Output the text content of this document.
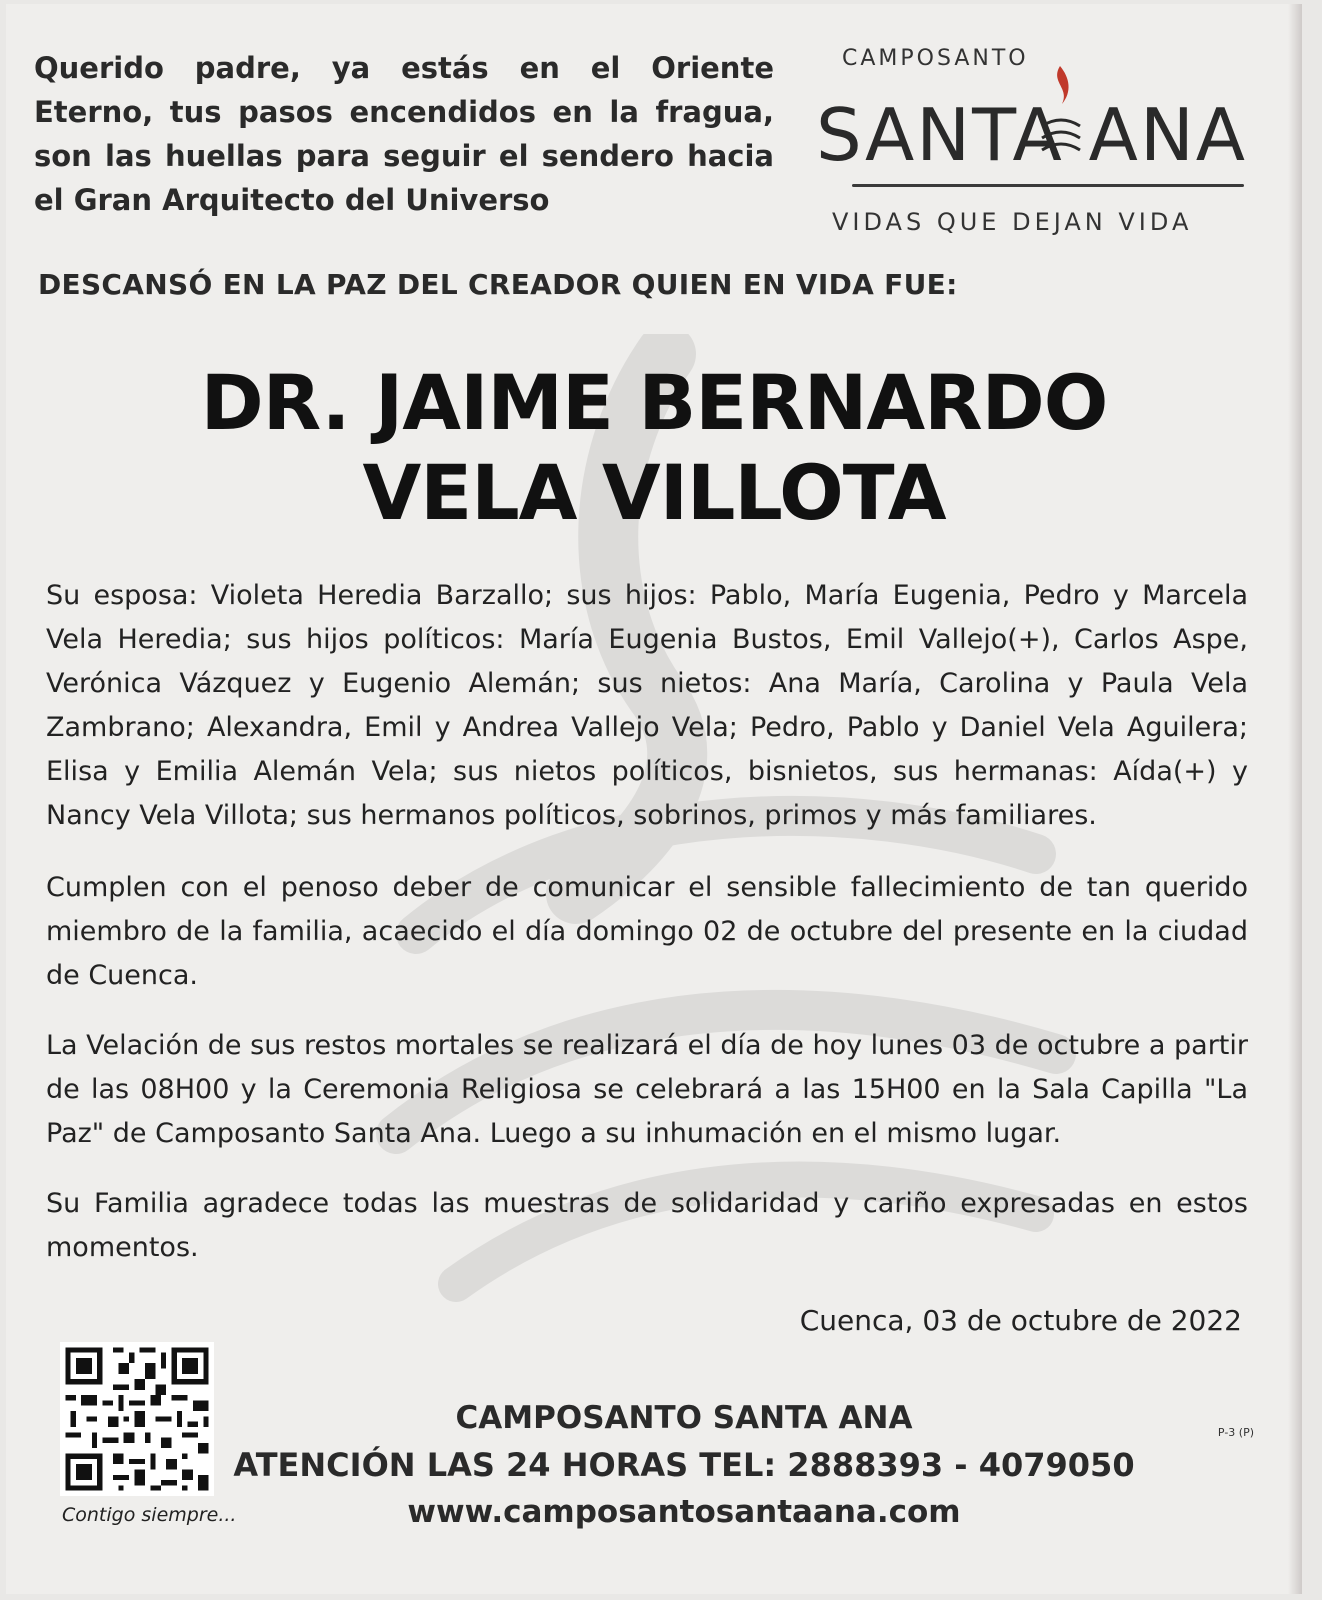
Querido padre, ya estás en el Oriente Eterno, tus pasos encendidos en la fragua, son las huellas para seguir el sendero hacia el Gran Arquitecto del Universo
CAMPOSANTO
SANTA ANA
VIDAS QUE DEJAN VIDA
DESCANSÓ EN LA PAZ DEL CREADOR QUIEN EN VIDA FUE:
DR. JAIME BERNARDO
VELA VILLOTA
Su esposa: Violeta Heredia Barzallo; sus hijos: Pablo, María Eugenia, Pedro y Marcela Vela Heredia; sus hijos políticos: María Eugenia Bustos, Emil Vallejo(+), Carlos Aspe, Verónica Vázquez y Eugenio Alemán; sus nietos: Ana María, Carolina y Paula Vela Zambrano; Alexandra, Emil y Andrea Vallejo Vela; Pedro, Pablo y Daniel Vela Aguilera; Elisa y Emilia Alemán Vela; sus nietos políticos, bisnietos, sus hermanas: Aída(+) y Nancy Vela Villota; sus hermanos políticos, sobrinos, primos y más familiares.
Cumplen con el penoso deber de comunicar el sensible fallecimiento de tan querido miembro de la familia, acaecido el día domingo 02 de octubre del presente en la ciudad de Cuenca.
La Velación de sus restos mortales se realizará el día de hoy lunes 03 de octubre a partir de las 08H00 y la Ceremonia Religiosa se celebrará a las 15H00 en la Sala Capilla "La Paz" de Camposanto Santa Ana. Luego a su inhumación en el mismo lugar.
Su Familia agradece todas las muestras de solidaridad y cariño expresadas en estos momentos.
Cuenca, 03 de octubre de 2022
Contigo siempre...
CAMPOSANTO SANTA ANA
ATENCIÓN LAS 24 HORAS TEL: 2888393 - 4079050
www.camposantosantaana.com
P-3 (P)
